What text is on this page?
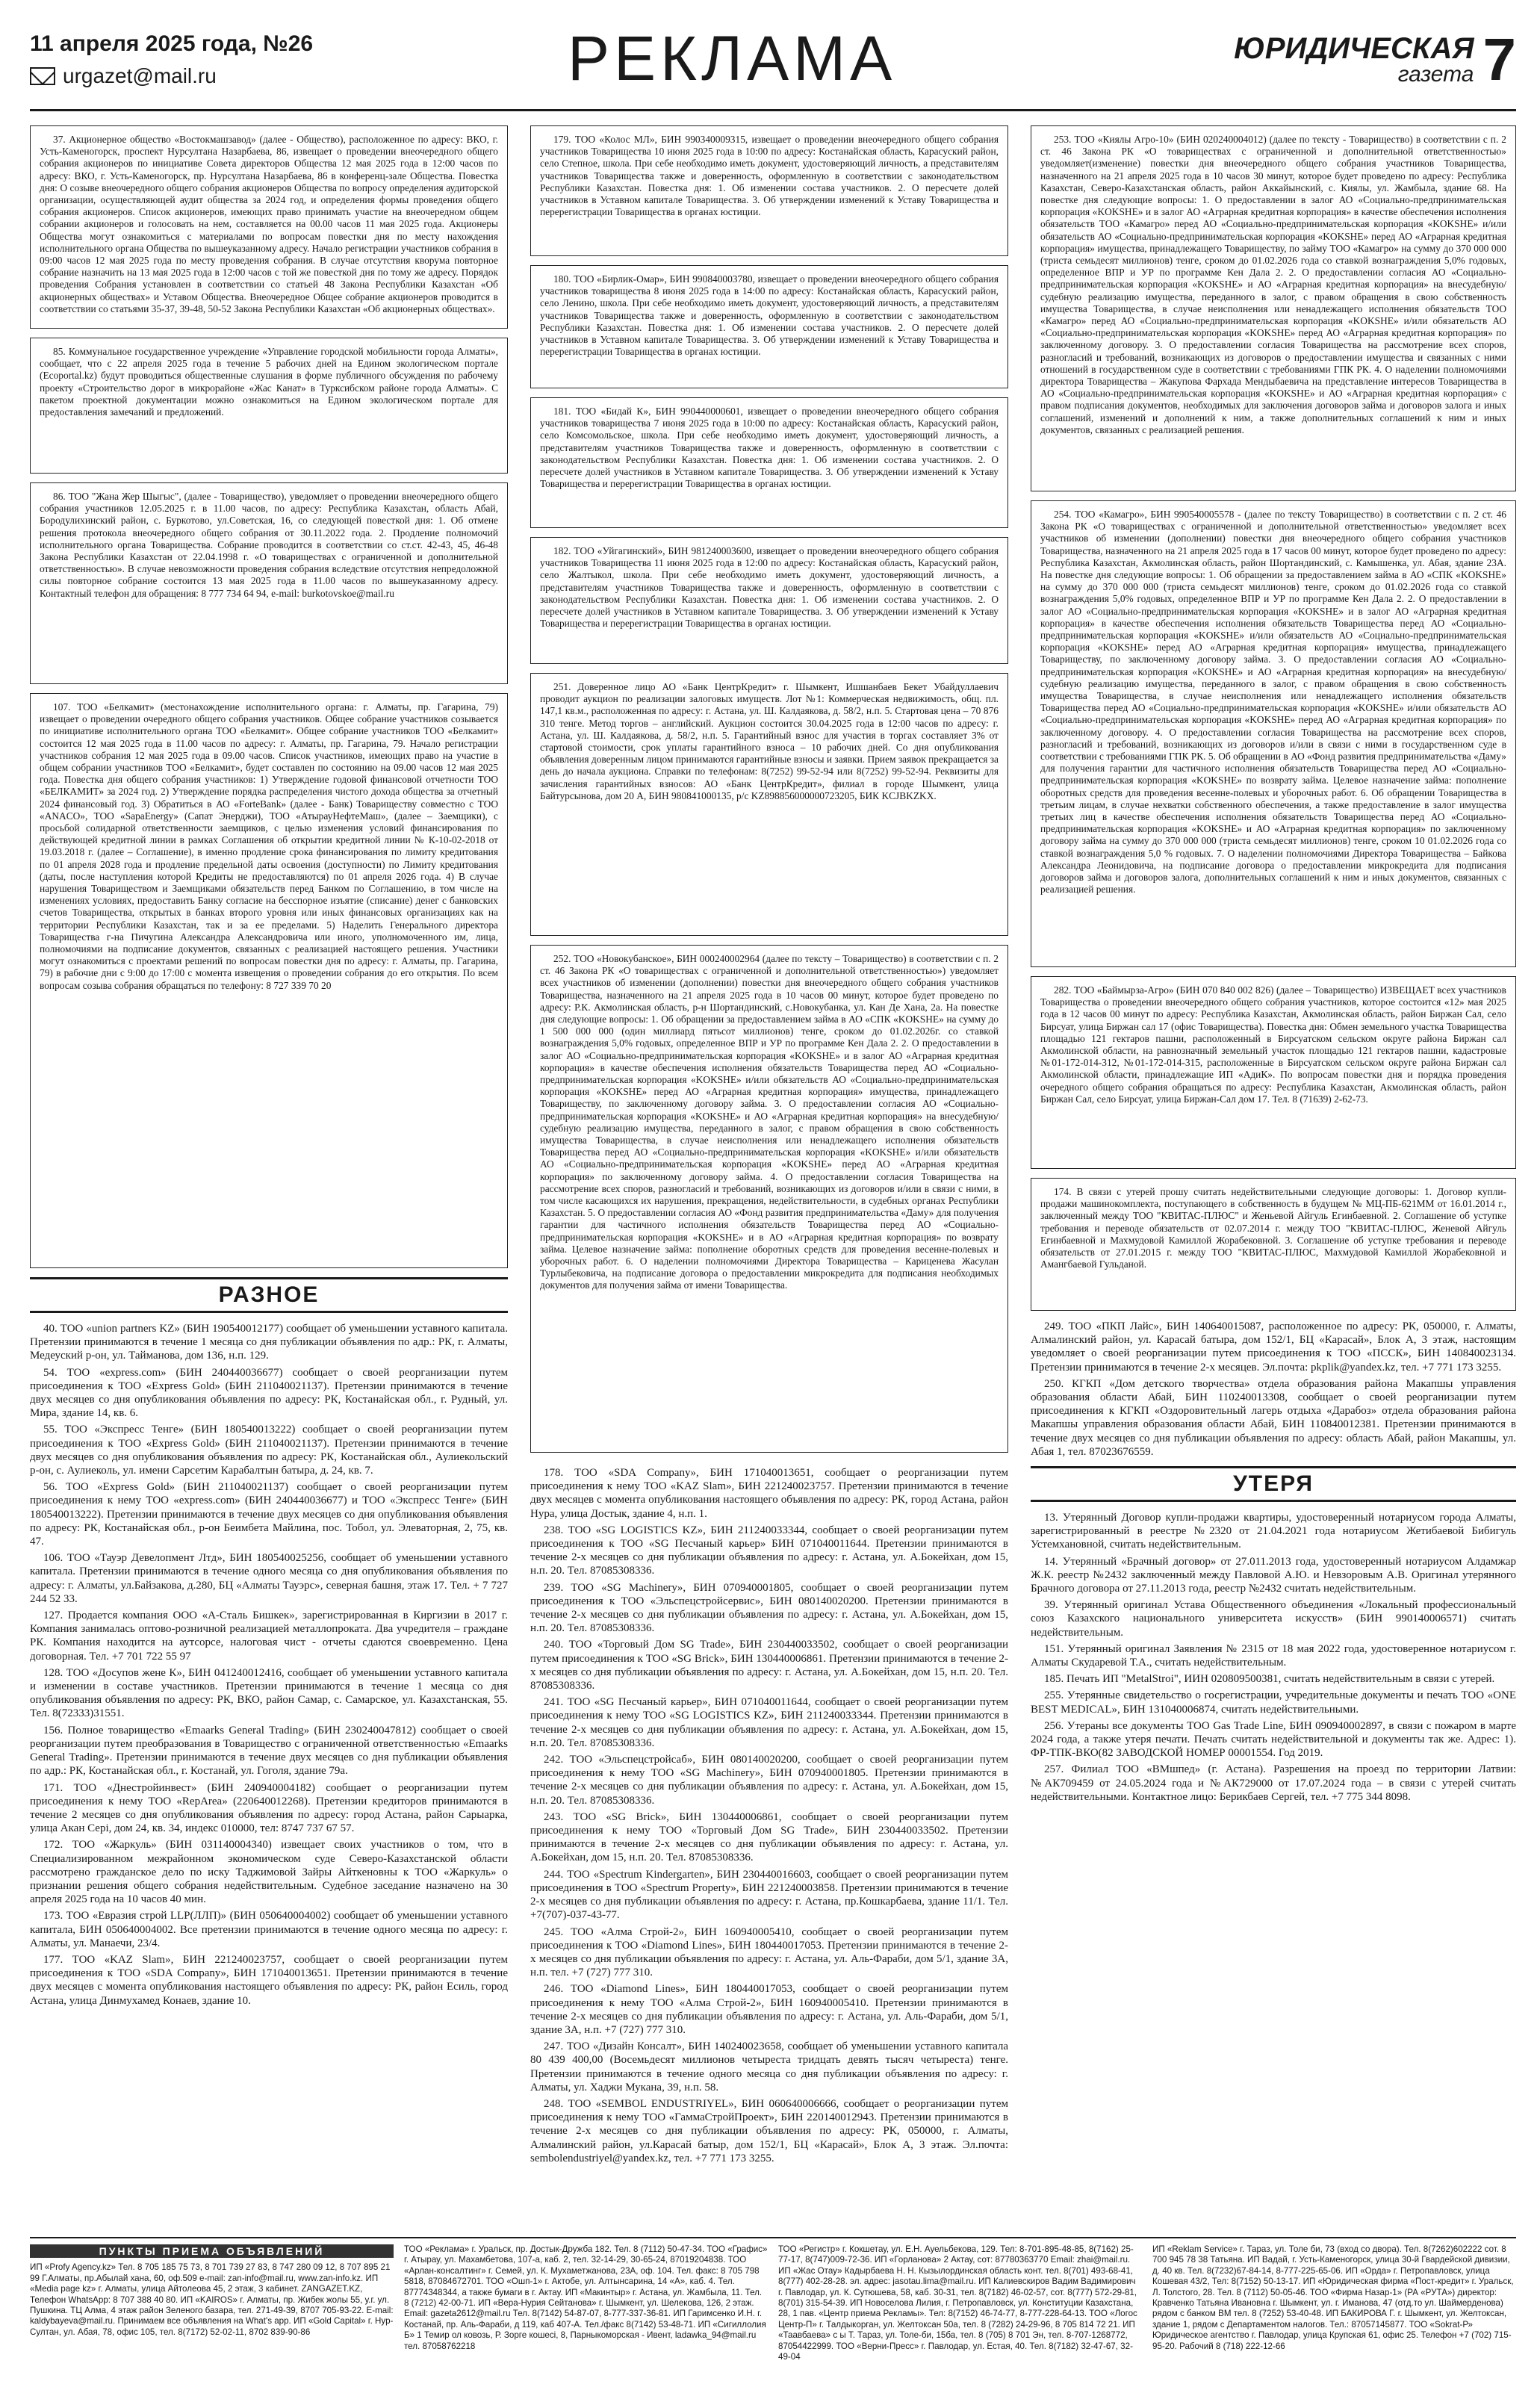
11 апреля 2025 года, №26
urgazet@mail.ru	РЕКЛАМА	ЮРИДИЧЕСКАЯ
газета 7

37. Акционерное общество «Востокмашзавод» (далее - Общество), расположенное по адресу: ВКО, г. Усть-Каменогорск, проспект Нурсултана Назарбаева, 86, извещает о проведении внеочередного общего собрания акционеров по инициативе Совета директоров Общества 12 мая 2025 года в 12:00 часов по адресу: ВКО, г. Усть-Каменогорск, пр. Нурсултана Назарбаева, 86 в конференц-зале Общества. Повестка дня: О созыве внеочередного общего собрания акционеров Общества по вопросу определения аудиторской организации, осуществляющей аудит общества за 2024 год, и определения формы проведения общего собрания акционеров. Список акционеров, имеющих право принимать участие на внеочередном общем собрании акционеров и голосовать на нем, составляется на 00.00 часов 11 мая 2025 года. Акционеры Общества могут ознакомиться с материалами по вопросам повестки дня по месту нахождения исполнительного органа Общества по вышеуказанному адресу. Начало регистрации участников собрания в 09:00 часов 12 мая 2025 года по месту проведения собрания. В случае отсутствия кворума повторное собрание назначить на 13 мая 2025 года в 12:00 часов с той же повесткой дня по тому же адресу. Порядок проведения Собрания установлен в соответствии со статьей 48 Закона Республики Казахстан «Об акционерных обществах» и Уставом Общества. Внеочередное Общее собрание акционеров проводится в соответствии со статьями 35-37, 39-48, 50-52 Закона Республики Казахстан «Об акционерных обществах».

85. Коммунальное государственное учреждение «Управление городской мобильности города Алматы», сообщает, что с 22 апреля 2025 года в течение 5 рабочих дней на Едином экологическом портале (Ecoportal.kz) будут проводиться общественные слушания в форме публичного обсуждения по рабочему проекту «Строительство дорог в микрорайоне «Жас Канат» в Турксибском районе города Алматы». С пакетом проектной документации можно ознакомиться на Едином экологическом портале для предоставления замечаний и предложений.

86. ТОО "Жана Жер Шыгыс", (далее - Товарищество), уведомляет о проведении внеочередного общего собрания участников 12.05.2025 г. в 11.00 часов, по адресу: Республика Казахстан, область Абай, Бородулихинский район, с. Буркотово, ул.Советская, 16, со следующей повесткой дня: 1. Об отмене решения протокола внеочередного общего собрания от 30.11.2022 года. 2. Продление полномочий исполнительного органа Товарищества. Собрание проводится в соответствии со ст.ст. 42-43, 45, 46-48 Закона Республики Казахстан от 22.04.1998 г. «О товариществах с ограниченной и дополнительной ответственностью». В случае невозможности проведения собрания вследствие отсутствия непредоложной силы повторное собрание состоится 13 мая 2025 года в 11.00 часов по вышеуказанному адресу. Контактный телефон для обращения: 8 777 734 64 94, e-mail: burkotovskoe@mail.ru

107. ТОО «Белкамит» (местонахождение исполнительного органа: г. Алматы, пр. Гагарина, 79) извещает о проведении очередного общего собрания участников. Общее собрание участников созывается по инициативе исполнительного органа ТОО «Белкамит». Общее собрание участников ТОО «Белкамит» состоится 12 мая 2025 года в 11.00 часов по адресу: г. Алматы, пр. Гагарина, 79. Начало регистрации участников собрания 12 мая 2025 года в 09.00 часов. Список участников, имеющих право на участие в общем собрании участников ТОО «Белкамит», будет составлен по состоянию на 09.00 часов 12 мая 2025 года. Повестка дня общего собрания участников: 1) Утверждение годовой финансовой отчетности ТОО «БЕЛКАМИТ» за 2024 год. 2) Утверждение порядка распределения чистого дохода общества за отчетный 2024 финансовый год. 3) Обратиться в АО «ForteBank» (далее - Банк) Товариществу совместно с ТОО «ANACO», ТОО «SapaEnergy» (Сапат Энерджи), ТОО «АтырауНефтеМаш», (далее – Заемщики), с просьбой солидарной ответственности заемщиков, с целью изменения условий финансирования по действующей кредитной линии в рамках Соглашения об открытии кредитной линии № К-10-02-2018 от 19.03.2018 г. (далее – Соглашение), в именно продление срока финансирования по лимиту кредитования по 01 апреля 2028 года и продление предельной даты освоения (доступности) по Лимиту кредитования (даты, после наступления которой Кредиты не предоставляются) по 01 апреля 2026 года. 4) В случае нарушения Товариществом и Заемщиками обязательств перед Банком по Соглашению, в том числе на изменениях условиях, предоставить Банку согласие на бесспорное изъятие (списание) денег с банковских счетов Товарищества, открытых в банках второго уровня или иных финансовых организациях как на территории Республики Казахстан, так и за ее пределами. 5) Наделить Генерального директора Товарищества г-на Пичугина Александра Александровича или иного, уполномоченного им, лица, полномочиями на подписание документов, связанных с реализацией настоящего решения. Участники могут ознакомиться с проектами решений по вопросам повестки дня по адресу: г. Алматы, пр. Гагарина, 79) в рабочие дни с 9:00 до 17:00 с момента извещения о проведении собрания до его открытия. По всем вопросам созыва собрания обращаться по телефону: 8 727 339 70 20

РАЗНОЕ

40. ТОО «union partners KZ» (БИН 190540012177) сообщает об уменьшении уставного капитала. Претензии принимаются в течение 1 месяца со дня публикации объявления по адр.: РК, г. Алматы, Медеуский р-он, ул. Тайманова, дом 136, н.п. 129.

54. ТОО «express.com» (БИН 240440036677) сообщает о своей реорганизации путем присоединения к ТОО «Express Gold» (БИН 211040021137). Претензии принимаются в течение двух месяцев со дня опубликования объявления по адресу: РК, Костанайская обл., г. Рудный, ул. Мира, здание 14, кв. 6.

55. ТОО «Экспресс Тенге» (БИН 180540013222) сообщает о своей реорганизации путем присоединения к ТОО «Express Gold» (БИН 211040021137). Претензии принимаются в течение двух месяцев со дня опубликования объявления по адресу: РК, Костанайская обл., Аулиекольский р-он, с. Аулиеколь, ул. имени Сарсетим Карабалтын батыра, д. 24, кв. 7.

56. ТОО «Express Gold» (БИН 211040021137) сообщает о своей реорганизации путем присоединения к нему ТОО «express.com» (БИН 240440036677) и ТОО «Экспресс Тенге» (БИН 180540013222). Претензии принимаются в течение двух месяцев со дня опубликования объявления по адресу: РК, Костанайская обл., р-он Беимбета Майлина, пос. Тобол, ул. Элеваторная, 2, 75, кв. 47.

106. ТОО «Тауэр Девелопмент Лтд», БИН 180540025256, сообщает об уменьшении уставного капитала. Претензии принимаются в течение одного месяца со дня опубликования объявления по адресу: г. Алматы, ул.Байзакова, д.280, БЦ «Алматы Тауэрс», северная башня, этаж 17. Тел. + 7 727 244 52 33.

127. Продается компания ООО «А-Сталь Бишкек», зарегистрированная в Киргизии в 2017 г. Компания занималась оптово-розничной реализацией металлопроката. Два учредителя – граждане РК. Компания находится на аутсорсе, налоговая чист - отчеты сдаются своевременно. Цена договорная. Тел. +7 701 722 55 97

128. ТОО «Досупов жене К», БИН 041240012416, сообщает об уменьшении уставного капитала и изменении в составе участников. Претензии принимаются в течение 1 месяца со дня опубликования объявления по адресу: РК, ВКО, район Самар, с. Самарское, ул. Казахстанская, 55. Тел. 8(72333)31551.

156. Полное товарищество «Emaarks General Trading» (БИН 230240047812) сообщает о своей реорганизации путем преобразования в Товарищество с ограниченной ответственностью «Emaarks General Trading». Претензии принимаются в течение двух месяцев со дня публикации объявления по адр.: РК, Костанайская обл., г. Костанай, ул. Гоголя, здание 79а.

171. ТОО «Днестройинвест» (БИН 240940004182) сообщает о реорганизации путем присоединения к нему ТОО «RepArea» (220640012268). Претензии кредиторов принимаются в течение 2 месяцев со дня опубликования объявления по адресу: город Астана, район Сарыарка, улица Акан Сері, дом 24, кв. 34, индекс 010000, тел: 8747 737 67 57.

172. ТОО «Жаркуль» (БИН 031140004340) извещает своих участников о том, что в Специализированном межрайонном экономическом суде Северо-Казахстанской области рассмотрено гражданское дело по иску Таджимовой Зайры Айткеновны к ТОО «Жаркуль» о признании решения общего собрания недействительным. Судебное заседание назначено на 30 апреля 2025 года на 10 часов 40 мин.

173. ТОО «Евразия строй LLP(ЛЛП)» (БИН 050640004002) сообщает об уменьшении уставного капитала, БИН 050640004002. Все претензии принимаются в течение одного месяца по адресу: г. Алматы, ул. Манаечи, 23/4.

177. ТОО «KAZ Slam», БИН 221240023757, сообщает о своей реорганизации путем присоединения к ТОО «SDA Company», БИН 171040013651. Претензии принимаются в течение двух месяцев с момента опубликования настоящего объявления по адресу: РК, район Есиль, город Астана, улица Динмухамед Конаев, здание 10.

179. ТОО «Колос МЛ», БИН 990340009315, извещает о проведении внеочередного общего собрания участников Товарищества 10 июня 2025 года в 10:00 по адресу: Костанайская область, Карасуский район, село Степное, школа. При себе необходимо иметь документ, удостоверяющий личность, а представителям участников Товарищества также и доверенность, оформленную в соответствии с законодательством Республики Казахстан. Повестка дня: 1. Об изменении состава участников. 2. О пересчете долей участников в Уставном капитале Товарищества. 3. Об утверждении изменений к Уставу Товарищества и перерегистрации Товарищества в органах юстиции.

180. ТОО «Бирлик-Омар», БИН 990840003780, извещает о проведении внеочередного общего собрания участников товарищества 8 июня 2025 года в 14:00 по адресу: Костанайская область, Карасуский район, село Ленино, школа. При себе необходимо иметь документ, удостоверяющий личность, а представителям участников Товарищества также и доверенность, оформленную в соответствии с законодательством Республики Казахстан. Повестка дня: 1. Об изменении состава участников. 2. О пересчете долей участников в Уставном капитале Товарищества. 3. Об утверждении изменений к Уставу Товарищества и перерегистрации Товарищества в органах юстиции.

181. ТОО «Бидай К», БИН 990440000601, извещает о проведении внеочередного общего собрания участников товарищества 7 июня 2025 года в 10:00 по адресу: Костанайская область, Карасуский район, село Комсомольское, школа. При себе необходимо иметь документ, удостоверяющий личность, а представителям участников Товарищества также и доверенность, оформленную в соответствии с законодательством Республики Казахстан. Повестка дня: 1. Об изменении состава участников. 2. О пересчете долей участников в Уставном капитале Товарищества. 3. Об утверждении изменений к Уставу Товарищества и перерегистрации Товарищества в органах юстиции.

182. ТОО «Уйгагинский», БИН 981240003600, извещает о проведении внеочередного общего собрания участников Товарищества 11 июня 2025 года в 12:00 по адресу: Костанайская область, Карасуский район, село Жалтыкол, школа. При себе необходимо иметь документ, удостоверяющий личность, а представителям участников Товарищества также и доверенность, оформленную в соответствии с законодательством Республики Казахстан. Повестка дня: 1. Об изменении состава участников. 2. О пересчете долей участников в Уставном капитале Товарищества. 3. Об утверждении изменений к Уставу Товарищества и перерегистрации Товарищества в органах юстиции.

251. Доверенное лицо АО «Банк ЦентрКредит» г. Шымкент, Ишшанбаев Бекет Убайдуллаевич проводит аукцион по реализации залоговых имуществ. Лот №1: Коммерческая недвижимость, общ. пл. 147,1 кв.м., расположенная по адресу: г. Астана, ул. Ш. Калдаякова, д. 58/2, н.п. 5. Стартовая цена – 70 876 310 тенге. Метод торгов – английский. Аукцион состоится 30.04.2025 года в 12:00 часов по адресу: г. Астана, ул. Ш. Калдаякова, д. 58/2, н.п. 5. Гарантийный взнос для участия в торгах составляет 3% от стартовой стоимости, срок уплаты гарантийного взноса – 10 рабочих дней. Со дня опубликования объявления доверенным лицом принимаются гарантийные взносы и заявки. Прием заявок прекращается за день до начала аукциона. Справки по телефонам: 8(7252) 99-52-94 или 8(7252) 99-52-94. Реквизиты для зачисления гарантийных взносов: АО «Банк ЦентрКредит», филиал в городе Шымкент, улица Байтурсынова, дом 20 А, БИН 980841000135, р/с KZ898856000000723205, БИК KCJBKZKX.

252. ТОО «Новокубанское», БИН 000240002964 (далее по тексту – Товарищество) в соответствии с п. 2 ст. 46 Закона РК «О товариществах с ограниченной и дополнительной ответственностью») уведомляет всех участников об изменении (дополнении) повестки дня внеочередного общего собрания участников Товарищества, назначенного на 21 апреля 2025 года в 10 часов 00 минут, которое будет проведено по адресу: Р.К. Акмолинская область, р-н Шортандинский, с.Новокубанка, ул. Кан Де Хана, 2а. На повестке дня следующие вопросы: 1. Об обращении за предоставлением займа в АО «СПК «KOKSHE» на сумму до 1 500 000 000 (один миллиард пятьсот миллионов) тенге, сроком до 01.02.2026г. со ставкой вознаграждения 5,0% годовых, определенное ВПР и УР по программе Кен Дала 2. 2. О предоставлении в залог АО «Социально-предпринимательская корпорация «KOKSHE» и в залог АО «Аграрная кредитная корпорация» в качестве обеспечения исполнения обязательств Товарищества перед АО «Социально-предпринимательская корпорация «KOKSHE» и/или обязательств АО «Социально-предпринимательская корпорация «KOKSHE» перед АО «Аграрная кредитная корпорация» имущества, принадлежащего Товариществу, по заключенному договору займа. 3. О предоставлении согласия АО «Социально-предпринимательская корпорация «KOKSHE» и АО «Аграрная кредитная корпорация» на внесудебную/судебную реализацию имущества, переданного в залог, с правом обращения в свою собственность имущества Товарищества, в случае неисполнения или ненадлежащего исполнения обязательств Товарищества перед АО «Социально-предпринимательская корпорация «KOKSHE» и/или обязательств АО «Социально-предпринимательская корпорация «KOKSHE» перед АО «Аграрная кредитная корпорация» по заключенному договору займа. 4. О предоставлении согласия Товарищества на рассмотрение всех споров, разногласий и требований, возникающих из договоров и/или в связи с ними, в том числе касающихся их нарушения, прекращения, недействительности, в судебных органах Республики Казахстан. 5. О предоставлении согласия АО «Фонд развития предпринимательства «Даму» для получения гарантии для частичного исполнения обязательств Товарищества перед АО «Социально-предпринимательская корпорация «KOKSHE» и в АО «Аграрная кредитная корпорация» по возврату займа. Целевое назначение займа: пополнение оборотных средств для проведения весенне-полевых и уборочных работ. 6. О наделении полномочиями Директора Товарищества – Кариценева Жасулан Турлыбековича, на подписание договора о предоставлении микрокредита для подписания необходимых документов для получения займа от имени Товарищества.

178. ТОО «SDA Company», БИН 171040013651, сообщает о реорганизации путем присоединения к нему ТОО «KAZ Slam», БИН 221240023757. Претензии принимаются в течение двух месяцев с момента опубликования настоящего объявления по адресу: РК, город Астана, район Нура, улица Достык, здание 4, н.п. 1.

238. ТОО «SG LOGISTICS KZ», БИН 211240033344, сообщает о своей реорганизации путем присоединения к ТОО «SG Песчаный карьер» БИН 071040011644. Претензии принимаются в течение 2-х месяцев со дня публикации объявления по адресу: г. Астана, ул. А.Бокейхан, дом 15, н.п. 20. Тел. 87085308336.

239. ТОО «SG Machinery», БИН 070940001805, сообщает о своей реорганизации путем присоединения к ТОО «Эльспецстройсервис», БИН 080140020200. Претензии принимаются в течение 2-х месяцев со дня публикации объявления по адресу: г. Астана, ул. А.Бокейхан, дом 15, н.п. 20. Тел. 87085308336.

240. ТОО «Торговый Дом SG Trade», БИН 230440033502, сообщает о своей реорганизации путем присоединения к ТОО «SG Brick», БИН 130440006861. Претензии принимаются в течение 2-х месяцев со дня публикации объявления по адресу: г. Астана, ул. А.Бокейхан, дом 15, н.п. 20. Тел. 87085308336.

241. ТОО «SG Песчаный карьер», БИН 071040011644, сообщает о своей реорганизации путем присоединения к нему ТОО «SG LOGISTICS KZ», БИН 211240033344. Претензии принимаются в течение 2-х месяцев со дня публикации объявления по адресу: г. Астана, ул. А.Бокейхан, дом 15, н.п. 20. Тел. 87085308336.

242. ТОО «Эльспецстройсаб», БИН 080140020200, сообщает о своей реорганизации путем присоединения к нему ТОО «SG Machinery», БИН 070940001805. Претензии принимаются в течение 2-х месяцев со дня публикации объявления по адресу: г. Астана, ул. А.Бокейхан, дом 15, н.п. 20. Тел. 87085308336.

243. ТОО «SG Brick», БИН 130440006861, сообщает о своей реорганизации путем присоединения к нему ТОО «Торговый Дом SG Trade», БИН 230440033502. Претензии принимаются в течение 2-х месяцев со дня публикации объявления по адресу: г. Астана, ул. А.Бокейхан, дом 15, н.п. 20. Тел. 87085308336.

244. ТОО «Spectrum Kindergarten», БИН 230440016603, сообщает о своей реорганизации путем присоединения в ТОО «Spectrum Property», БИН 221240003858. Претензии принимаются в течение 2-х месяцев со дня публикации объявления по адресу: г. Астана, пр.Кошкарбаева, здание 11/1. Тел. +7(707)-037-43-77.

245. ТОО «Алма Строй-2», БИН 160940005410, сообщает о своей реорганизации путем присоединения к ТОО «Diamond Lines», БИН 180440017053. Претензии принимаются в течение 2-х месяцев со дня публикации объявления по адресу: г. Астана, ул. Аль-Фараби, дом 5/1, здание 3А, н.п. тел. +7 (727) 777 310.

246. ТОО «Diamond Lines», БИН 180440017053, сообщает о своей реорганизации путем присоединения к нему ТОО «Алма Строй-2», БИН 160940005410. Претензии принимаются в течение 2-х месяцев со дня публикации объявления по адресу: г. Астана, ул. Аль-Фараби, дом 5/1, здание 3А, н.п. +7 (727) 777 310.

247. ТОО «Дизайн Консалт», БИН 140240023658, сообщает об уменьшении уставного капитала 80 439 400,00 (Восемьдесят миллионов четыреста тридцать девять тысяч четыреста) тенге. Претензии принимаются в течение одного месяца со дня публикации объявления по адресу: г. Алматы, ул. Хаджи Мукана, 39, н.п. 58.

248. ТОО «SEMBOL ENDUSTRIYEL», БИН 060640006666, сообщает о реорганизации путем присоединения к нему ТОО «ГаммаСтройПроект», БИН 220140012943. Претензии принимаются в течение 2-х месяцев со дня публикации объявления по адресу: РК, 050000, г. Алматы, Алмалинский район, ул.Карасай батыр, дом 152/1, БЦ «Карасай», Блок А, 3 этаж. Эл.почта: sembolendustriyel@yandex.kz, тел. +7 771 173 3255.

253. ТОО «Киялы Агро-10» (БИН 020240004012) (далее по тексту - Товарищество) в соответствии с п. 2 ст. 46 Закона РК «О товариществах с ограниченной и дополнительной ответственностью» уведомляет(изменение) повестки дня внеочередного общего собрания участников Товарищества, назначенного на 21 апреля 2025 года в 10 часов 30 минут, которое будет проведено по адресу: Республика Казахстан, Северо-Казахстанская область, район Аккайынский, с. Киялы, ул. Жамбыла, здание 68. На повестке дня следующие вопросы: 1. О предоставлении в залог АО «Социально-предпринимательская корпорация «KOKSHE» и в залог АО «Аграрная кредитная корпорация» в качестве обеспечения исполнения обязательств ТОО «Камагро» перед АО «Социально-предпринимательская корпорация «KOKSHE» и/или обязательств АО «Социально-предпринимательская корпорация «KOKSHE» перед АО «Аграрная кредитная корпорация» имущества, принадлежащего Товариществу, по займу ТОО «Камагро» на сумму до 370 000 000 (триста семьдесят миллионов) тенге, сроком до 01.02.2026 года со ставкой вознаграждения 5,0% годовых, определенное ВПР и УР по программе Кен Дала 2. 2. О предоставлении согласия АО «Социально-предпринимательская корпорация «KOKSHE» и АО «Аграрная кредитная корпорация» на внесудебную/судебную реализацию имущества, переданного в залог, с правом обращения в свою собственность имущества Товарищества, в случае неисполнения или ненадлежащего исполнения обязательств ТОО «Камагро» перед АО «Социально-предпринимательская корпорация «KOKSHE» и/или обязательств АО «Социально-предпринимательская корпорация «KOKSHE» перед АО «Аграрная кредитная корпорация» по заключенному договору. 3. О предоставлении согласия Товарищества на рассмотрение всех споров, разногласий и требований, возникающих из договоров о предоставлении имущества и связанных с ними отношений в государственном суде в соответствии с требованиями ГПК РК. 4. О наделении полномочиями директора Товарищества – Жакупова Фархада Мендыбаевича на представление интересов Товарищества в АО «Социально-предпринимательская корпорация «KOKSHE» и АО «Аграрная кредитная корпорация» с правом подписания документов, необходимых для заключения договоров займа и договоров залога и иных соглашений, изменений и дополнений к ним, а также дополнительных соглашений к ним и иных документов, связанных с реализацией решения.

254. ТОО «Камагро», БИН 990540005578 - (далее по тексту Товарищество) в соответствии с п. 2 ст. 46 Закона РК «О товариществах с ограниченной и дополнительной ответственностью» уведомляет всех участников об изменении (дополнении) повестки дня внеочередного общего собрания участников Товарищества, назначенного на 21 апреля 2025 года в 17 часов 00 минут, которое будет проведено по адресу: Республика Казахстан, Акмолинская область, район Шортандинский, с. Камышенка, ул. Абая, здание 23А. На повестке дня следующие вопросы: 1. Об обращении за предоставлением займа в АО «СПК «KOKSHE» на сумму до 370 000 000 (триста семьдесят миллионов) тенге, сроком до 01.02.2026 года со ставкой вознаграждения 5,0% годовых, определенное ВПР и УР по программе Кен Дала 2. 2. О предоставлении в залог АО «Социально-предпринимательская корпорация «KOKSHE» и в залог АО «Аграрная кредитная корпорация» в качестве обеспечения исполнения обязательств Товарищества перед АО «Социально-предпринимательская корпорация «KOKSHE» и/или обязательств АО «Социально-предпринимательская корпорация «KOKSHE» перед АО «Аграрная кредитная корпорация» имущества, принадлежащего Товариществу, по заключенному договору займа. 3. О предоставлении согласия АО «Социально-предпринимательская корпорация «KOKSHE» и АО «Аграрная кредитная корпорация» на внесудебную/судебную реализацию имущества, переданного в залог, с правом обращения в свою собственность имущества Товарищества, в случае неисполнения или ненадлежащего исполнения обязательств Товарищества перед АО «Социально-предпринимательская корпорация «KOKSHE» и/или обязательств АО «Социально-предпринимательская корпорация «KOKSHE» перед АО «Аграрная кредитная корпорация» по заключенному договору. 4. О предоставлении согласия Товарищества на рассмотрение всех споров, разногласий и требований, возникающих из договоров и/или в связи с ними в государственном суде в соответствии с требованиями ГПК РК. 5. Об обращении в АО «Фонд развития предпринимательства «Даму» для получения гарантии для частичного исполнения обязательств Товарищества перед АО «Социально-предпринимательская корпорация «KOKSHE» по возврату займа. Целевое назначение займа: пополнение оборотных средств для проведения весенне-полевых и уборочных работ. 6. Об обращении Товарищества в третьим лицам, в случае нехватки собственного обеспечения, а также предоставление в залог имущества третьих лиц в качестве обеспечения исполнения обязательств Товарищества перед АО «Социально-предпринимательская корпорация «KOKSHE» и АО «Аграрная кредитная корпорация» по заключенному договору займа на сумму до 370 000 000 (триста семьдесят миллионов) тенге, сроком 10 01.02.2026 года со ставкой вознаграждения 5,0 % годовых. 7. О наделении полномочиями Директора Товарищества – Байкова Александра Леонидовича, на подписание договора о предоставлении микрокредита для подписания договоров займа и договоров залога, дополнительных соглашений к ним и иных документов, связанных с реализацией решения.

282. ТОО «Баймырза-Агро» (БИН 070 840 002 826) (далее – Товарищество) ИЗВЕЩАЕТ всех участников Товарищества о проведении внеочередного общего собрания участников, которое состоится «12» мая 2025 года в 12 часов 00 минут по адресу: Республика Казахстан, Акмолинская область, район Биржан Сал, село Бирсуат, улица Биржан сал 17 (офис Товарищества). Повестка дня: Обмен земельного участка Товарищества площадью 121 гектаров пашни, расположенный в Бирсуатском сельском округе района Биржан сал Акмолинской области, на равнозначный земельный участок площадью 121 гектаров пашни, кадастровые №01-172-014-312, №01-172-014-315, расположенные в Бирсуатском сельском округе района Биржан сал Акмолинской области, принадлежащие ИП «АдиК». По вопросам повестки дня и порядка проведения очередного общего собрания обращаться по адресу: Республика Казахстан, Акмолинская область, район Биржан Сал, село Бирсуат, улица Биржан-Сал дом 17. Тел. 8 (71639) 2-62-73.

174. В связи с утерей прошу считать недействительными следующие договоры: 1. Договор купли-продажи машинокомплекта, поступающего в собственность в будущем № МЦ-ПБ-621ММ от 16.01.2014 г., заключенный между ТОО "КВИТАС-ПЛЮС" и Женьевой Айгуль Егинбаевной. 2. Соглашение об уступке требования и переводе обязательств от 02.07.2014 г. между ТОО "КВИТАС-ПЛЮС, Женевой Айгуль Егинбаевной и Махмудовой Камиллой Жорабековной. 3. Соглашение об уступке требования и переводе обязательств от 27.01.2015 г. между ТОО "КВИТАС-ПЛЮС, Махмудовой Камиллой Жорабековной и Амангбаевой Гульданой.

249. ТОО «ПКП Лайс», БИН 140640015087, расположенное по адресу: РК, 050000, г. Алматы, Алмалинский район, ул. Карасай батыра, дом 152/1, БЦ «Карасай», Блок А, 3 этаж, настоящим уведомляет о своей реорганизации путем присоединения к ТОО «ПССК», БИН 140840023134. Претензии принимаются в течение 2-х месяцев. Эл.почта: pkplik@yandex.kz, тел. +7 771 173 3255.

250. КГКП «Дом детского творчества» отдела образования района Макапшы управления образования области Абай, БИН 110240013308, сообщает о своей реорганизации путем присоединения к КГКП «Оздоровительный лагерь отдыха «Дарабоз» отдела образования района Макапшы управления образования области Абай, БИН 110840012381. Претензии принимаются в течение двух месяцев со дня публикации объявления по адресу: область Абай, район Макапшы, ул. Абая 1, тел. 87023676559.

УТЕРЯ

13. Утерянный Договор купли-продажи квартиры, удостоверенный нотариусом города Алматы, зарегистрированный в реестре №2320 от 21.04.2021 года нотариусом Жетибаевой Бибигуль Устемхановной, считать недействительным.

14. Утерянный «Брачный договор» от 27.011.2013 года, удостоверенный нотариусом Алдамжар Ж.К. реестр №2432 заключенный между Павловой А.Ю. и Невзоровым А.В. Оригинал утерянного Брачного договора от 27.11.2013 года, реестр №2432 считать недействительным.

39. Утерянный оригинал Устава Общественного объединения «Локальный профессиональный союз Казахского национального университета искусств» (БИН 990140006571) считать недействительным.

151. Утерянный оригинал Заявления № 2315 от 18 мая 2022 года, удостоверенное нотариусом г. Алматы Скударевой Т.А., считать недействительным.

185. Печать ИП "MetalStroi", ИИН 020809500381, считать недействительным в связи с утерей.

255. Утерянные свидетельство о госрегистрации, учредительные документы и печать ТОО «ONE BEST MEDICAL», БИН 131040006874, считать недействительными.

256. Утераны все документы ТОО Gas Trade Line, БИН 090940002897, в связи с пожаром в марте 2024 года, а также утеря печати. Печать считать недействительной и документы так же. Адрес: 1). ФР-ТПК-ВКО(82 ЗАВОДСКОЙ НОМЕР 00001554. Год 2019.

257. Филиал ТОО «ВМшпед» (г. Астана). Разрешения на проезд по территории Латвии: №АК709459 от 24.05.2024 года и №АК729000 от 17.07.2024 года – в связи с утерей считать недействительными. Контактное лицо: Берикбаев Сергей, тел. +7 775 344 8098.

ПУНКТЫ ПРИЕМА ОБЪЯВЛЕНИЙ
ИП «Profy Agency.kz» Тел. 8 705 185 75 73, 8 701 739 27 83, 8 747 280 09 12, 8 707 895 21 99 Г.Алматы, пр.Абылай хана, 60, оф.509 e-mail: zan-info@mail.ru, www.zan-info.kz. ИП «Media page kz» г. Алматы, улица Айтолеова 45, 2 этаж, 3 кабинет. ZANGAZET.KZ, Телефон WhatsApp: 8 707 388 40 80. ИП «KAIROS» г. Алматы, пр. Жибек жолы 55, у.г. ул. Пушкина. ТЦ Алма, 4 этаж район Зеленого базара, тел. 271-49-39, 8707 705-93-22. E-mail: kaldybayeva@mail.ru. Принимаем все объявления на What's app. ИП «Gold Capital» г. Нур-Султан, ул. Абая, 78, офис 105, тел. 8(7172) 52-02-11, 8702 839-90-86
ТОО «Реклама» г. Уральск, пр. Достык-Дружба 182. Тел. 8 (7112) 50-47-34. ТОО «Графис» г. Атырау, ул. Махамбетова, 107-а, каб. 2, тел. 32-14-29, 30-65-24, 87019204838. ТОО «Арлан-консалтинг» г. Семей, ул. К. Мухаметжанова, 23А, оф. 104. Тел. факс: 8 705 798 5818, 87084672701. ТОО «Ошп-1» г. Актобе, ул. Алтынсарина, 14 «А», каб. 4. Тел. 87774348344, а также бумаги в г. Актау. ИП «Макинтыр» г. Астана, ул. Жамбыла, 11. Тел. 8 (7212) 42-00-71. ИП «Вера-Нурия Сейтанова» г. Шымкент, ул. Шелекова, 126, 2 этаж. Email: gazeta2612@mail.ru Тел. 8(7142) 54-87-07, 8-777-337-36-81. ИП Гаримсенко И.Н. г. Костанай, пр. Аль-Фараби, д 119, каб 407-А. Тел./факс 8(7142) 53-48-71. ИП «Сигиллолия Б» 1 Темир ол ковозь, Р. Зорге кошесі, 8, Парныкоморская - Ивент, ladawka_94@mail.ru тел. 87058762218
ТОО «Регистр» г. Кокшетау, ул. Е.Н. Ауельбекова, 129. Тел: 8-701-895-48-85, 8(7162) 25-77-17, 8(747)009-72-36. ИП «Горланова» 2 Актау, сот: 87780363770 Email: zhai@mail.ru. ИП «Жас Отау» Кадырбаева Н. Н. Кызылординская область конт. тел. 8(701) 493-68-41, 8(777) 402-28-28. эл. адрес: jasotau.lima@mail.ru. ИП Калиевскиров Вадим Вадимирович г. Павлодар, ул. К. Сутюшева, 58, каб. 30-31, тел. 8(7182) 46-02-57, сот. 8(777) 572-29-81, 8(701) 315-54-39. ИП Новоселова Лилия, г. Петропавловск, ул. Конституции Казахстана, 28, 1 пав. «Центр приема Рекламы». Тел: 8(7152) 46-74-77, 8-777-228-64-13. ТОО «Логос Центр-П» г. Талдыкорган, ул. Желтоксан 50а, тел. 8 (7282) 24-29-96, 8 705 814 72 21. ИП «Таавбаева» с ы Т. Тараз, ул. Толе-би, 15ба, тел. 8 (705) 8 701 Эн, тел. 8-707-1268772, 87054422999. ТОО «Верни-Пресс» г. Павлодар, ул. Естая, 40. Тел. 8(7182) 32-47-67, 32-49-04
ИП «Reklam Service» г. Тараз, ул. Толе би, 73 (вход со двора). Тел. 8(7262)602222 сот. 8 700 945 78 38 Татьяна. ИП Вадай, г. Усть-Каменогорск, улица 30-й Гвардейской дивизии, д. 40 кв. Тел. 8(7232)67-84-14, 8-777-225-65-06. ИП «Орда» г. Петропавловск, улица Кошевая 43/2, Тел: 8(7152) 50-13-17. ИП «Юридическая фирма «Пост-кредит» г. Уральск, Л. Толстого, 28. Тел. 8 (7112) 50-05-46. ТОО «Фирма Назар-1» (РА «РУТА») директор: Кравченко Татьяна Ивановна г. Шымкент, ул. г. Иманова, 47 (отд.то ул. Шаймерденова) рядом с банком ВМ тел. 8 (7252) 53-40-48. ИП БАКИРОВА Г. г. Шымкент, ул. Желтоксан, здание 1, рядом с Департаментом налогов. Тел.: 87057145877. ТОО «Sokrat-Р» Юридическое агентство г. Павлодар, улица Крупская 61, офис 25. Телефон +7 (702) 715-95-20. Рабочий 8 (718) 222-12-66
